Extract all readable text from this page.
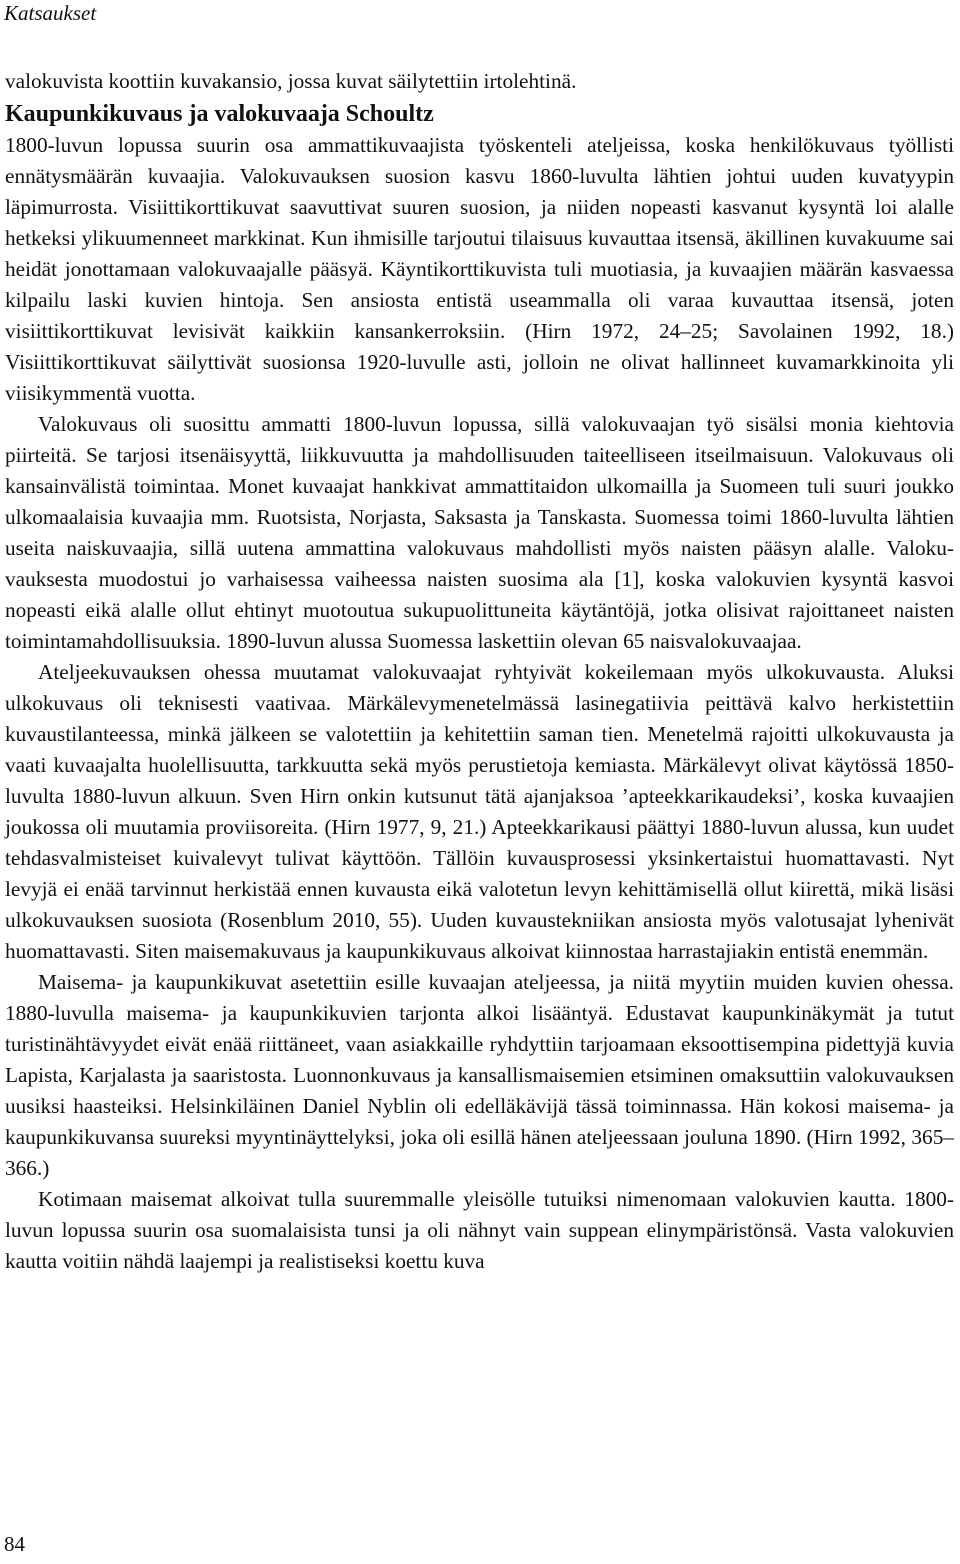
Katsaukset

valokuvista koottiin kuvakansio, jossa kuvat säilytettiin irtolehtinä.

Kaupunkikuvaus ja valokuvaaja Schoultz

1800-luvun lopussa suurin osa ammattikuvaajista työskenteli ateljeissa, koska henkilökuvaus työllisti ennätysmäärän kuvaajia. Valokuvauksen suosion kasvu 1860-luvulta lähtien johtui uuden kuvatyypin läpimurrosta. Visiittikorttikuvat saavuttivat suuren suosion, ja niiden nopeasti kasvanut kysyntä loi alalle hetkeksi ylikuumenneet markkinat. Kun ihmisille tarjoutui tilaisuus kuvauttaa itsensä, äkillinen kuvakuume sai heidät jonottamaan valokuvaajalle pääsyä. Käyntikorttikuvista tuli muotiasia, ja kuvaajien määrän kasvaessa kilpailu laski kuvien hintoja. Sen ansiosta entistä useammalla oli varaa kuvauttaa itsensä, joten visiittikorttikuvat levisivät kaikkiin kansankerroksiin. (Hirn 1972, 24–25; Savolainen 1992, 18.) Visiittikorttikuvat säilyttivät suosionsa 1920-luvulle asti, jolloin ne olivat hallinneet kuvamarkkinoita yli viisikymmentä vuotta.

Valokuvaus oli suosittu ammatti 1800-luvun lopussa, sillä valokuvaajan työ sisälsi monia kiehtovia piirteitä. Se tarjosi itsenäisyyttä, liikkuvuutta ja mahdollisuuden taiteelliseen itseilmaisuun. Valokuvaus oli kansainvälistä toimintaa. Monet kuvaajat hankkivat ammattitaidon ulkomailla ja Suomeen tuli suuri joukko ulkomaalaisia kuvaajia mm. Ruotsista, Norjasta, Saksasta ja Tanskasta. Suomessa toimi 1860-luvulta lähtien useita naiskuvaajia, sillä uutena ammattina valokuvaus mahdollisti myös naisten pääsyn alalle. Valokuvauksesta muodostui jo varhaisessa vaiheessa naisten suosima ala [1], koska valokuvien kysyntä kasvoi nopeasti eikä alalle ollut ehtinyt muotoutua sukupuolittuneita käytäntöjä, jotka olisivat rajoittaneet naisten toimintamahdollisuuksia. 1890-luvun alussa Suomessa laskettiin olevan 65 naisvalokuvaajaa.

Ateljeekuvauksen ohessa muutamat valokuvaajat ryhtyivät kokeilemaan myös ulkokuvausta. Aluksi ulkokuvaus oli teknisesti vaativaa. Märkälevymenetelmässä lasinegatiivia peittävä kalvo herkistettiin kuvaustilanteessa, minkä jälkeen se valotettiin ja kehitettiin saman tien. Menetelmä rajoitti ulkokuvausta ja vaati kuvaajalta huolellisuutta, tarkkuutta sekä myös perustietoja kemiasta. Märkälevyt olivat käytössä 1850-luvulta 1880-luvun alkuun. Sven Hirn onkin kutsunut tätä ajanjaksoa ’apteekkarikaudeksi’, koska kuvaajien joukossa oli muutamia proviisoreita. (Hirn 1977, 9, 21.) Apteekkarikausi päättyi 1880-luvun alussa, kun uudet tehdasvalmisteiset kuivalevyt tulivat käyttöön. Tällöin kuvausprosessi yksinkertaistui huomattavasti. Nyt levyjä ei enää tarvinnut herkistää ennen kuvausta eikä valotetun levyn kehittämisellä ollut kiirettä, mikä lisäsi ulkokuvauksen suosiota (Rosenblum 2010, 55). Uuden kuvaustekniikan ansiosta myös valotusajat lyhenivät huomattavasti. Siten maisemakuvaus ja kaupunkikuvaus alkoivat kiinnostaa harrastajiakin entistä enemmän.

Maisema- ja kaupunkikuvat asetettiin esille kuvaajan ateljeessa, ja niitä myytiin muiden kuvien ohessa. 1880-luvulla maisema- ja kaupunkikuvien tarjonta alkoi lisääntyä. Edustavat kaupunkinäkymät ja tutut turistinähtävyydet eivät enää riittäneet, vaan asiakkaille ryhdyttiin tarjoamaan eksoottisempina pidettyjä kuvia Lapista, Karjalasta ja saaristosta. Luonnonkuvaus ja kansallismaisemien etsiminen omaksuttiin valokuvauksen uusiksi haasteiksi. Helsinkiläinen Daniel Nyblin oli edelläkävijä tässä toiminnassa. Hän kokosi maisema- ja kaupunkikuvansa suureksi myyntinäyttelyksi, joka oli esillä hänen ateljeessaan joulunа 1890. (Hirn 1992, 365–366.)

Kotimaan maisemat alkoivat tulla suuremmalle yleisölle tutuiksi nimenomaan valokuvien kautta. 1800-luvun lopussa suurin osa suomalaisista tunsi ja oli nähnyt vain suppean elinympäristönsä. Vasta valokuvien kautta voitiin nähdä laajempi ja realistiseksi koettu kuva

84
